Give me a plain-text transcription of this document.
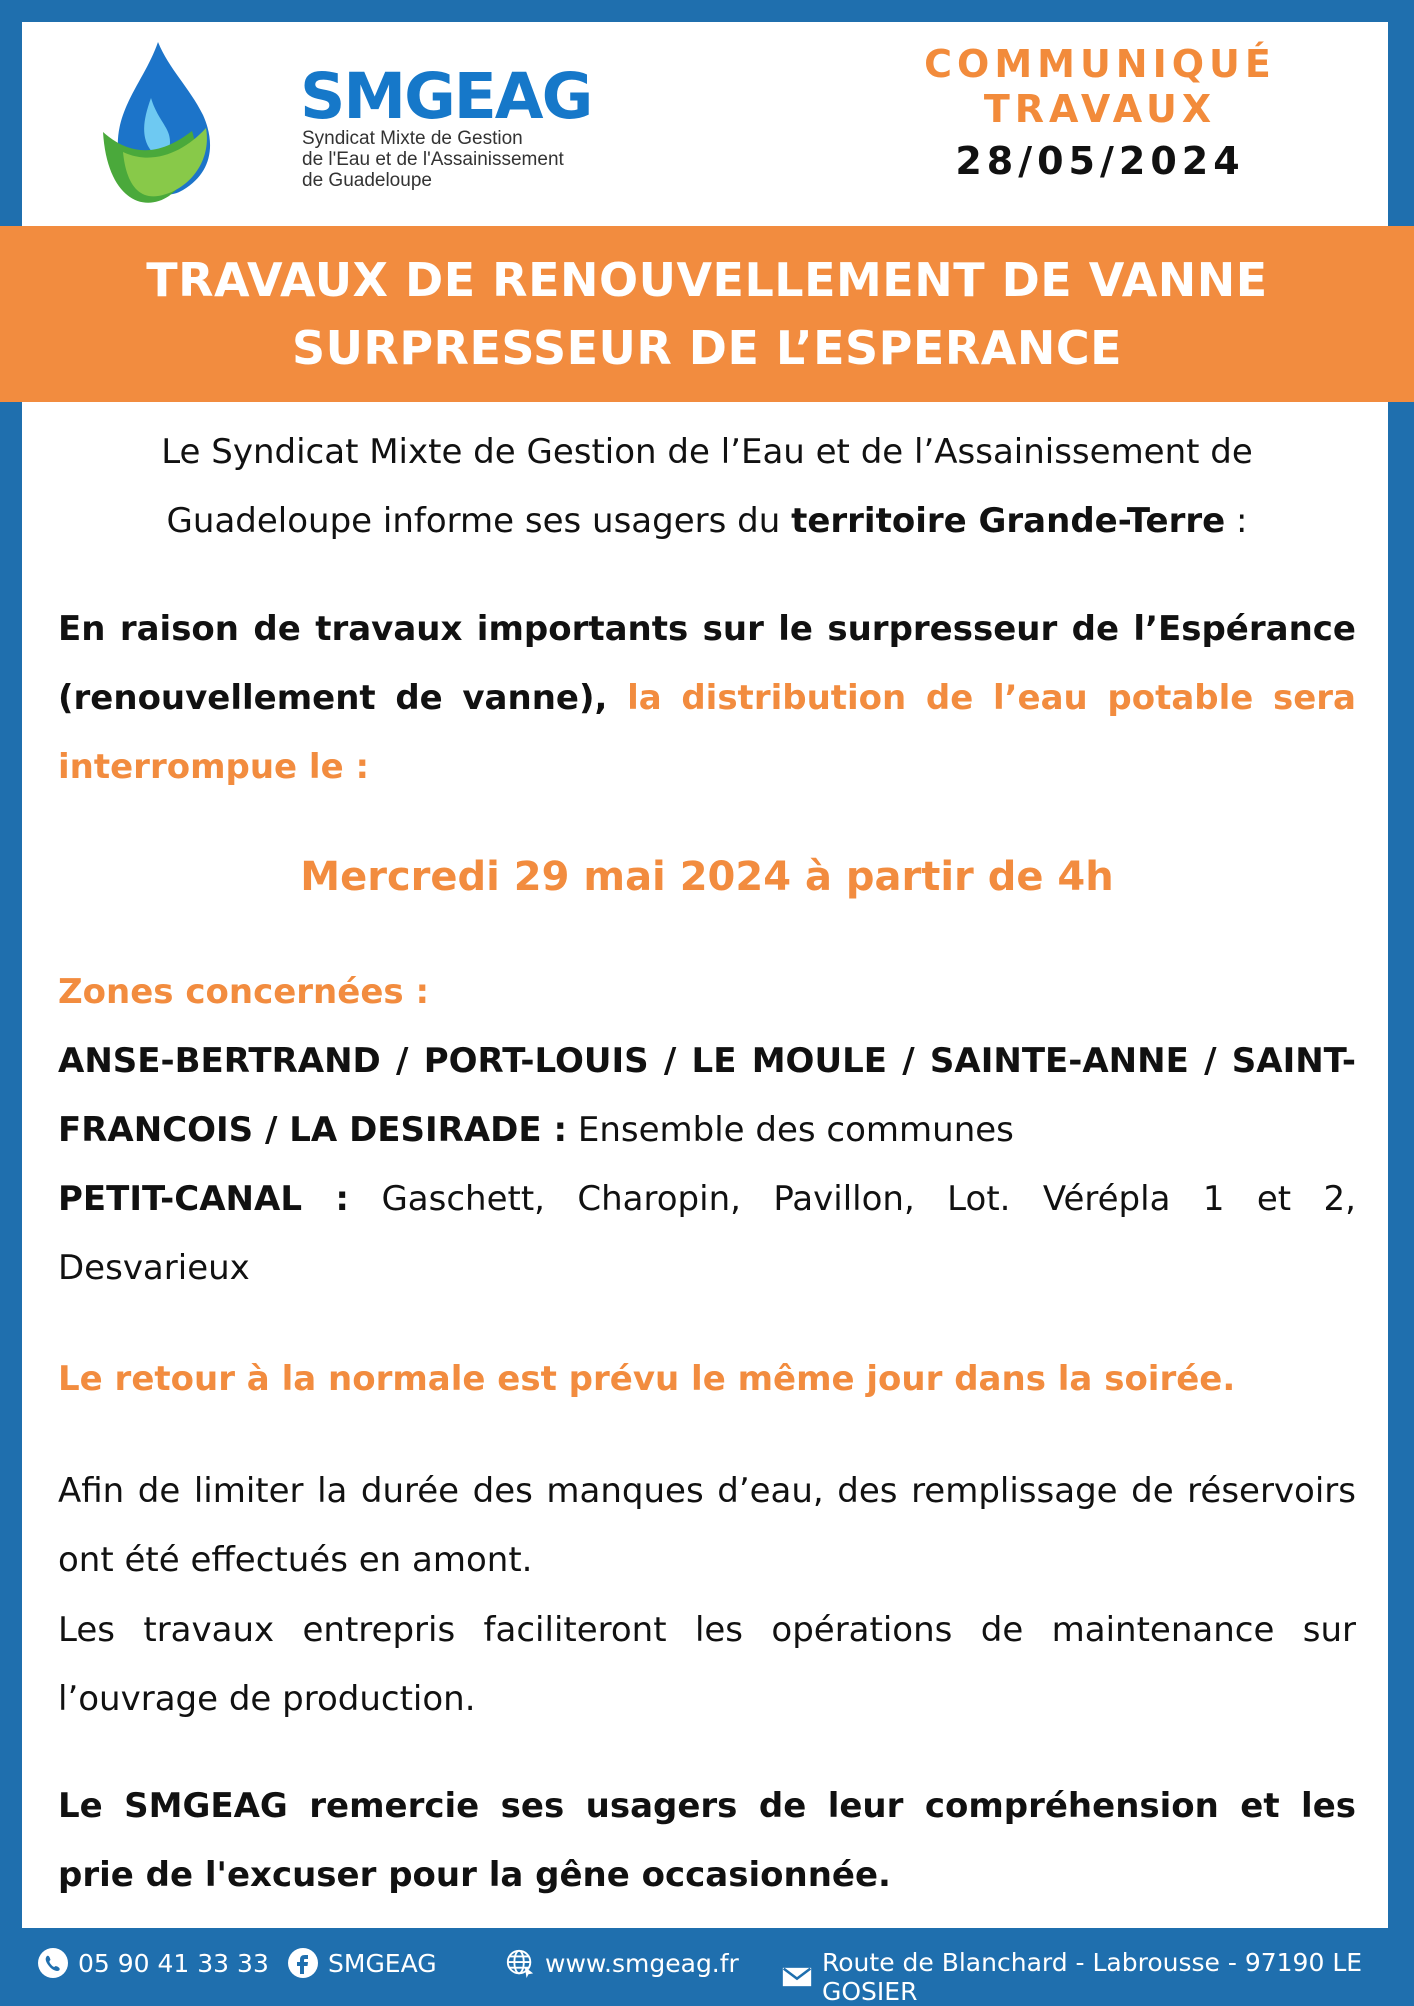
SMGEAG
Syndicat Mixte de Gestion
de l'Eau et de l'Assainissement
de Guadeloupe
COMMUNIQUÉ
TRAVAUX
28/05/2024
TRAVAUX DE RENOUVELLEMENT DE VANNE
SURPRESSEUR DE L’ESPERANCE
Le Syndicat Mixte de Gestion de l’Eau et de l’Assainissement de Guadeloupe informe ses usagers du territoire Grande-Terre :
En raison de travaux importants sur le surpresseur de l’Espérance (renouvellement de vanne), la distribution de l’eau potable sera interrompue le :
Mercredi 29 mai 2024 à partir de 4h
Zones concernées :
ANSE-BERTRAND / PORT-LOUIS / LE MOULE / SAINTE-ANNE / SAINT-FRANCOIS / LA DESIRADE : Ensemble des communes
PETIT-CANAL : Gaschett, Charopin, Pavillon, Lot. Vérépla 1 et 2, Desvarieux
Le retour à la normale est prévu le même jour dans la soirée.
Afin de limiter la durée des manques d’eau, des remplissage de réservoirs ont été effectués en amont.
Les travaux entrepris faciliteront les opérations de maintenance sur l’ouvrage de production.
Le SMGEAG remercie ses usagers de leur compréhension et les prie de l'excuser pour la gêne occasionnée.
05 90 41 33 33 SMGEAG	www.smgeag.fr	Route de Blanchard - Labrousse - 97190 LE GOSIER
